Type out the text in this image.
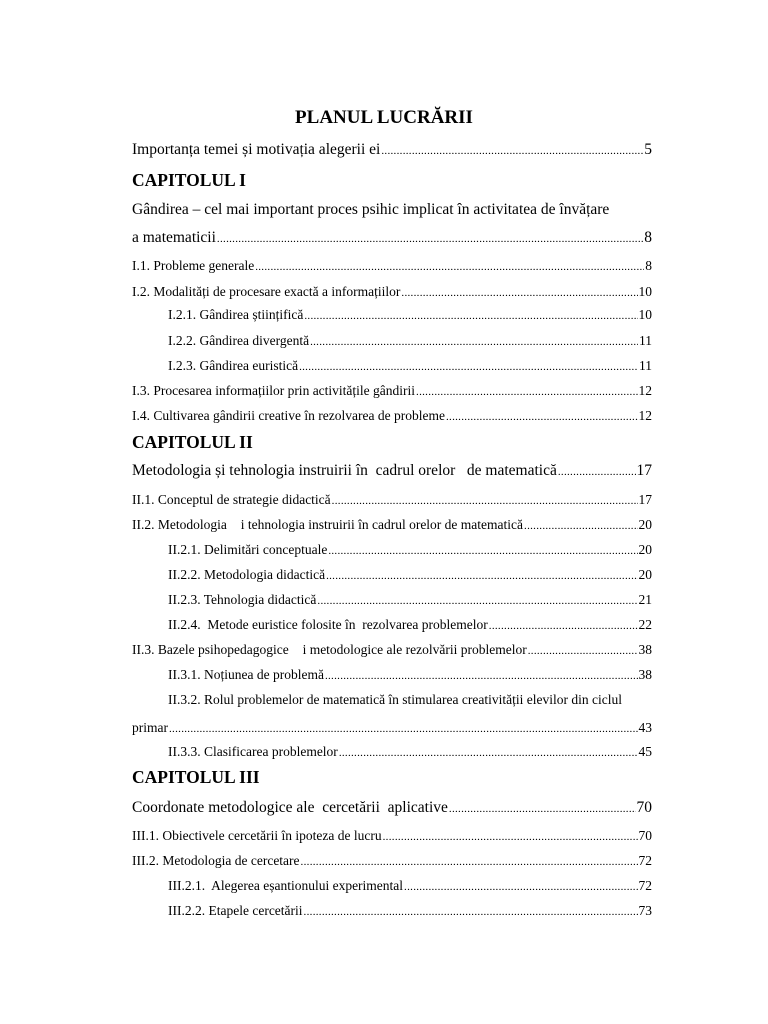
PLANUL LUCRĂRII
Importanța temei și motivația alegerii ei .....	5
CAPITOLUL I
Gândirea – cel mai important proces psihic implicat în activitatea de învățare
a matematicii .....	8
I.1. Probleme generale .....	8
I.2. Modalități de procesare exactă a informațiilor .....	10
I.2.1. Gândirea științifică .....	10
I.2.2. Gândirea divergentă .....	11
I.2.3. Gândirea euristică .....	11
I.3. Procesarea informațiilor prin activitățile gândirii .....	12
I.4. Cultivarea gândirii creative în rezolvarea de probleme .....	12
CAPITOLUL II
Metodologia și tehnologia instruirii în  cadrul orelor   de matematică .....	17
II.1. Conceptul de strategie didactică .....	17
II.2. Metodologia i tehnologia instruirii în cadrul orelor de matematică .....	20
II.2.1. Delimitări conceptuale .....	20
II.2.2. Metodologia didactică .....	20
II.2.3. Tehnologia didactică .....	21
II.2.4.  Metode euristice folosite în  rezolvarea problemelor .....	22
II.3. Bazele psihopedagogice i metodologice ale rezolvării problemelor .....	38
II.3.1. Noțiunea de problemă .....	38
II.3.2. Rolul problemelor de matematică în stimularea creativității elevilor din ciclul
primar .....	43
II.3.3. Clasificarea problemelor .....	45
CAPITOLUL III
Coordonate metodologice ale  cercetării  aplicative .....	70
III.1. Obiectivele cercetării în ipoteza de lucru .....	70
III.2. Metodologia de cercetare .....	72
III.2.1.  Alegerea eșantionului experimental .....	72
III.2.2. Etapele cercetării .....	73
